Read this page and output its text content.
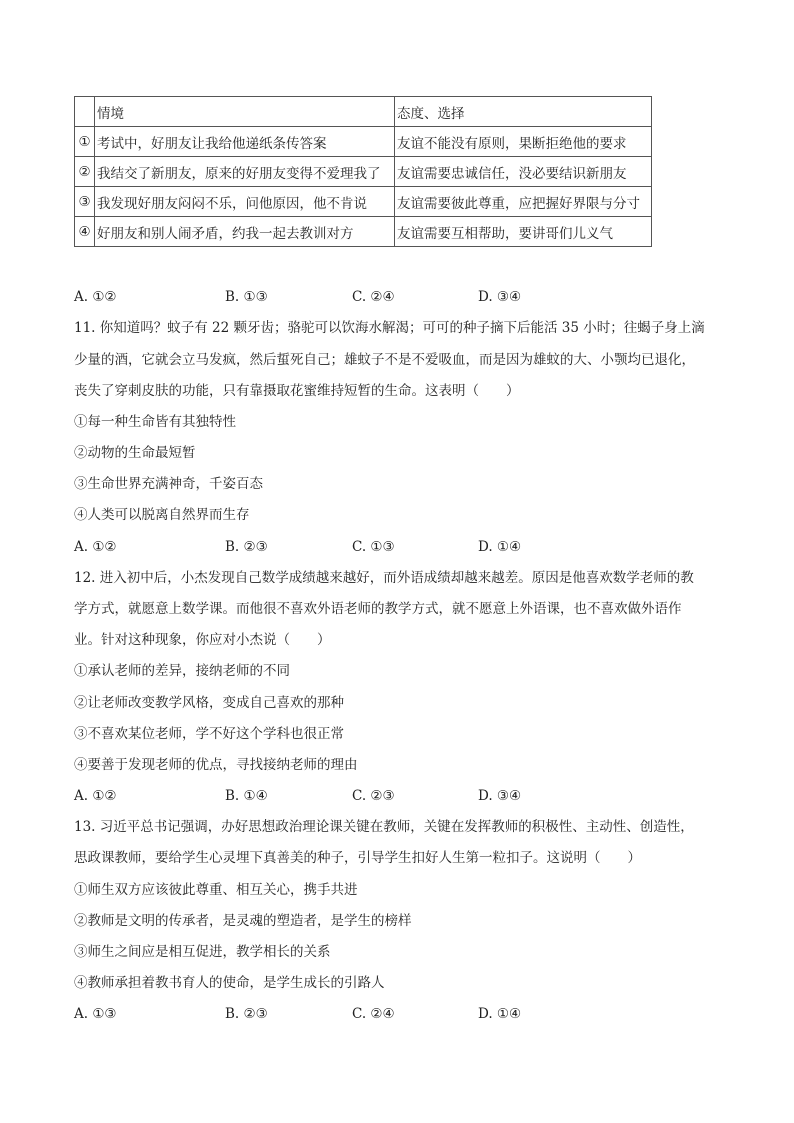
	情境	态度、选择
①	考试中，好朋友让我给他递纸条传答案	友谊不能没有原则，果断拒绝他的要求
②	我结交了新朋友，原来的好朋友变得不爱理我了	友谊需要忠诚信任，没必要结识新朋友
③	我发现好朋友闷闷不乐，问他原因，他不肯说	友谊需要彼此尊重，应把握好界限与分寸
④	好朋友和别人闹矛盾，约我一起去教训对方	友谊需要互相帮助，要讲哥们儿义气
A. ①②	B. ①③	C. ②④	D. ③④
11. 你知道吗？蚊子有 22 颗牙齿；骆驼可以饮海水解渴；可可的种子摘下后能活 35 小时；往蝎子身上滴
少量的酒，它就会立马发疯，然后蜇死自己；雄蚊子不是不爱吸血，而是因为雄蚊的大、小颚均已退化，
丧失了穿刺皮肤的功能，只有靠摄取花蜜维持短暂的生命。这表明（　　）
①每一种生命皆有其独特性
②动物的生命最短暂
③生命世界充满神奇，千姿百态
④人类可以脱离自然界而生存
A. ①②	B. ②③	C. ①③	D. ①④
12. 进入初中后，小杰发现自己数学成绩越来越好，而外语成绩却越来越差。原因是他喜欢数学老师的教
学方式，就愿意上数学课。而他很不喜欢外语老师的教学方式，就不愿意上外语课，也不喜欢做外语作
业。针对这种现象，你应对小杰说（　　）
①承认老师的差异，接纳老师的不同
②让老师改变教学风格，变成自己喜欢的那种
③不喜欢某位老师，学不好这个学科也很正常
④要善于发现老师的优点，寻找接纳老师的理由
A. ①②	B. ①④	C. ②③	D. ③④
13. 习近平总书记强调，办好思想政治理论课关键在教师，关键在发挥教师的积极性、主动性、创造性，
思政课教师，要给学生心灵埋下真善美的种子，引导学生扣好人生第一粒扣子。这说明（　　）
①师生双方应该彼此尊重、相互关心，携手共进
②教师是文明的传承者，是灵魂的塑造者，是学生的榜样
③师生之间应是相互促进，教学相长的关系
④教师承担着教书育人的使命，是学生成长的引路人
A. ①③	B. ②③	C. ②④	D. ①④
